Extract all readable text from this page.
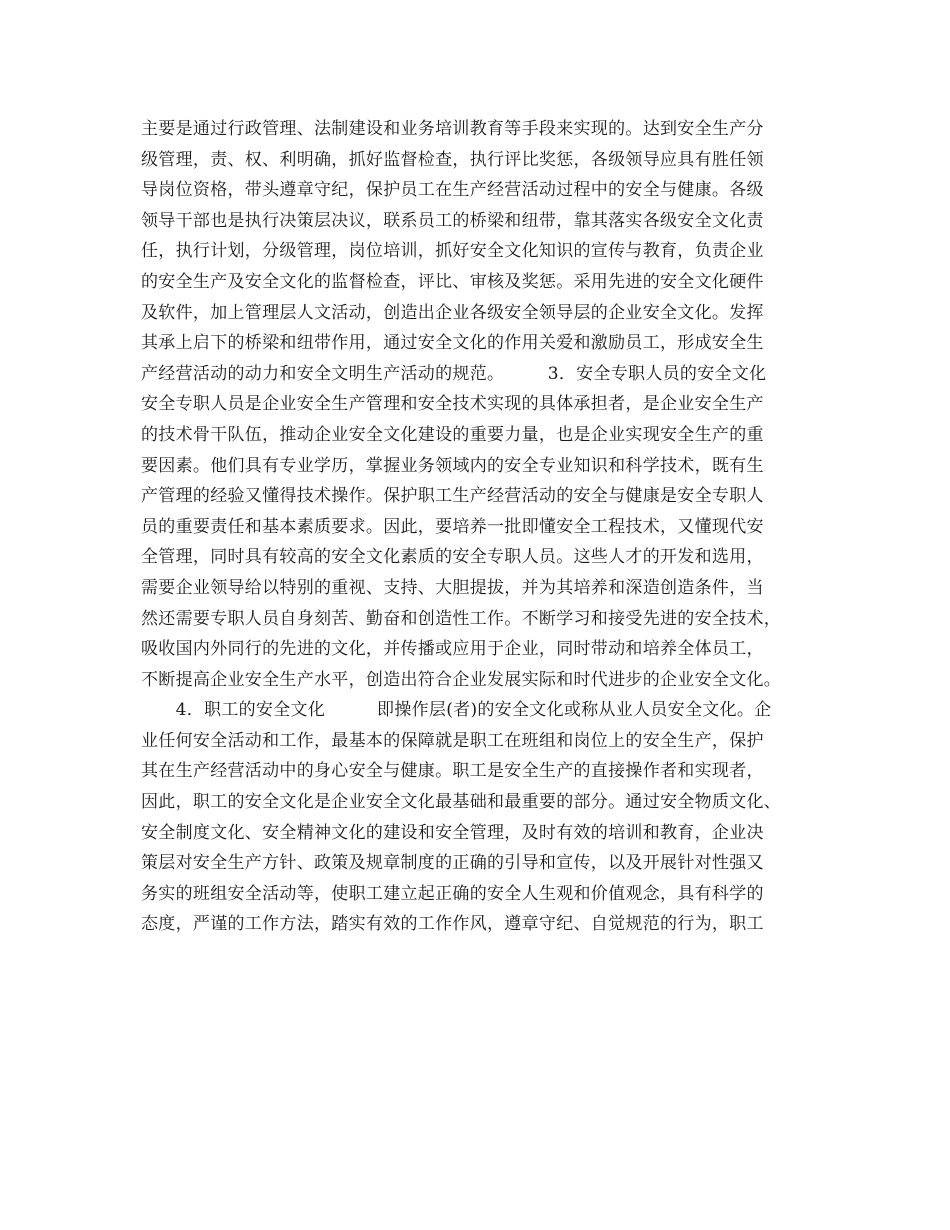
主要是通过行政管理、法制建设和业务培训教育等手段来实现的。达到安全生产分
级管理，责、权、利明确，抓好监督检查，执行评比奖惩，各级领导应具有胜任领
导岗位资格，带头遵章守纪，保护员工在生产经营活动过程中的安全与健康。各级
领导干部也是执行决策层决议，联系员工的桥梁和纽带，靠其落实各级安全文化责
任，执行计划，分级管理，岗位培训，抓好安全文化知识的宣传与教育，负责企业
的安全生产及安全文化的监督检查，评比、审核及奖惩。采用先进的安全文化硬件
及软件，加上管理层人文活动，创造出企业各级安全领导层的企业安全文化。发挥
其承上启下的桥梁和纽带作用，通过安全文化的作用关爱和激励员工，形成安全生
产经营活动的动力和安全文明生产活动的规范。　　　3．安全专职人员的安全文化
安全专职人员是企业安全生产管理和安全技术实现的具体承担者，是企业安全生产
的技术骨干队伍，推动企业安全文化建设的重要力量，也是企业实现安全生产的重
要因素。他们具有专业学历，掌握业务领域内的安全专业知识和科学技术，既有生
产管理的经验又懂得技术操作。保护职工生产经营活动的安全与健康是安全专职人
员的重要责任和基本素质要求。因此，要培养一批即懂安全工程技术，又懂现代安
全管理，同时具有较高的安全文化素质的安全专职人员。这些人才的开发和选用，
需要企业领导给以特别的重视、支持、大胆提拔，并为其培养和深造创造条件，当
然还需要专职人员自身刻苦、勤奋和创造性工作。不断学习和接受先进的安全技术，
吸收国内外同行的先进的文化，并传播或应用于企业，同时带动和培养全体员工，
不断提高企业安全生产水平，创造出符合企业发展实际和时代进步的企业安全文化。
　　4．职工的安全文化　　　即操作层(者)的安全文化或称从业人员安全文化。企
业任何安全活动和工作，最基本的保障就是职工在班组和岗位上的安全生产，保护
其在生产经营活动中的身心安全与健康。职工是安全生产的直接操作者和实现者，
因此，职工的安全文化是企业安全文化最基础和最重要的部分。通过安全物质文化、
安全制度文化、安全精神文化的建设和安全管理，及时有效的培训和教育，企业决
策层对安全生产方针、政策及规章制度的正确的引导和宣传，以及开展针对性强又
务实的班组安全活动等，使职工建立起正确的安全人生观和价值观念，具有科学的
态度，严谨的工作方法，踏实有效的工作作风，遵章守纪、自觉规范的行为，职工
